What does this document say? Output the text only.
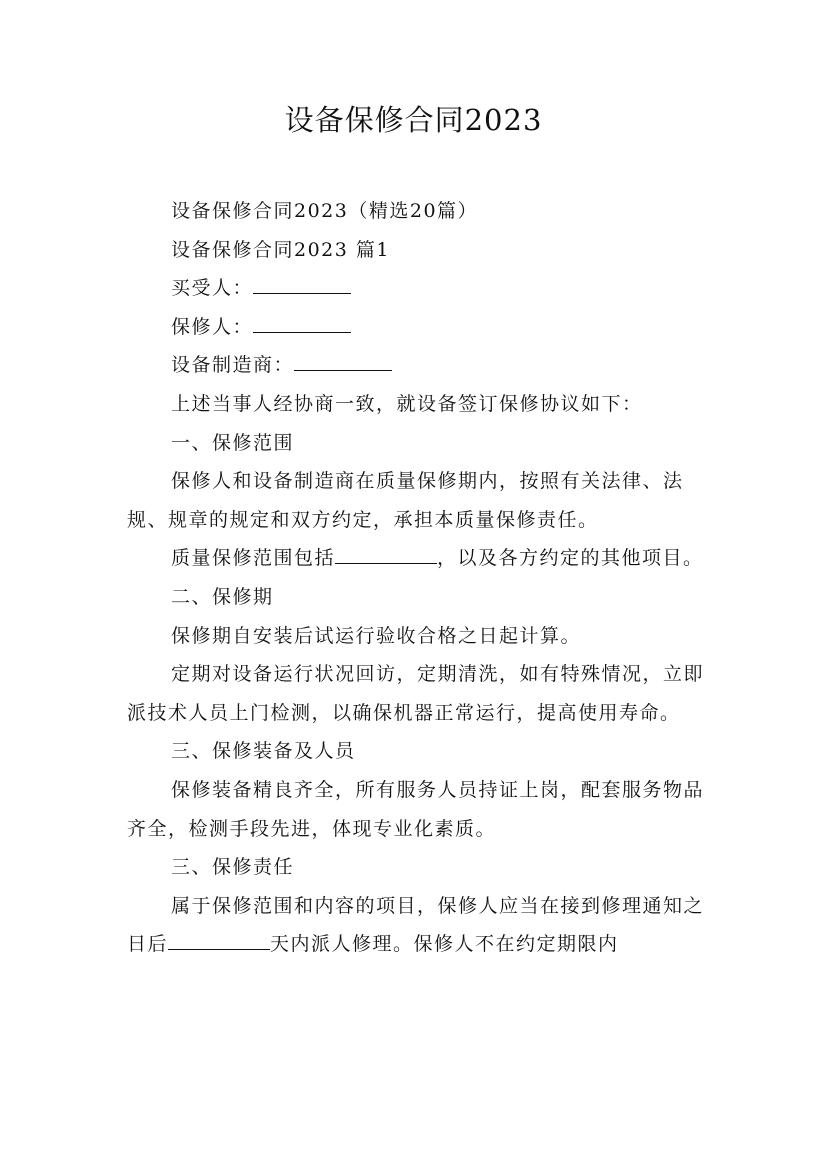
设备保修合同2023

设备保修合同2023（精选20篇）

设备保修合同2023 篇1

买受人：

保修人：

设备制造商：

上述当事人经协商一致，就设备签订保修协议如下：

一、保修范围

保修人和设备制造商在质量保修期内，按照有关法律、法规、规章的规定和双方约定，承担本质量保修责任。

质量保修范围包括	，以及各方约定的其他项目。

二、保修期

保修期自安装后试运行验收合格之日起计算。

定期对设备运行状况回访，定期清洗，如有特殊情况，立即派技术人员上门检测，以确保机器正常运行，提高使用寿命。

三、保修装备及人员

保修装备精良齐全，所有服务人员持证上岗，配套服务物品齐全，检测手段先进，体现专业化素质。

三、保修责任

属于保修范围和内容的项目，保修人应当在接到修理通知之日后	天内派人修理。保修人不在约定期限内
